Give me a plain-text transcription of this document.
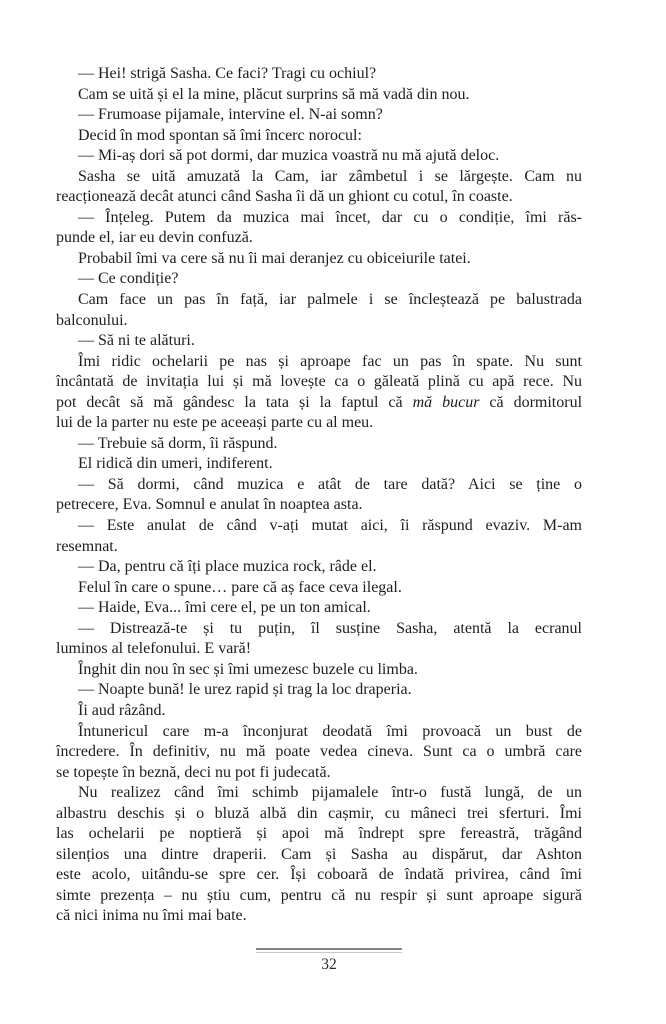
— Hei! strigă Sasha. Ce faci? Tragi cu ochiul?
Cam se uită și el la mine, plăcut surprins să mă vadă din nou.
— Frumoase pijamale, intervine el. N-ai somn?
Decid în mod spontan să îmi încerc norocul:
— Mi-aș dori să pot dormi, dar muzica voastră nu mă ajută deloc.
Sasha se uită amuzată la Cam, iar zâmbetul i se lărgește. Cam nu
reacționează decât atunci când Sasha îi dă un ghiont cu cotul, în coaste.
— Înțeleg. Putem da muzica mai încet, dar cu o condiție, îmi răs-
punde el, iar eu devin confuză.
Probabil îmi va cere să nu îi mai deranjez cu obiceiurile tatei.
— Ce condiție?
Cam face un pas în față, iar palmele i se încleștează pe balustrada
balconului.
— Să ni te alături.
Îmi ridic ochelarii pe nas și aproape fac un pas în spate. Nu sunt
încântată de invitația lui și mă lovește ca o găleată plină cu apă rece. Nu
pot decât să mă gândesc la tata și la faptul că mă bucur că dormitorul
lui de la parter nu este pe aceeași parte cu al meu.
— Trebuie să dorm, îi răspund.
El ridică din umeri, indiferent.
— Să dormi, când muzica e atât de tare dată? Aici se ține o
petrecere, Eva. Somnul e anulat în noaptea asta.
— Este anulat de când v-ați mutat aici, îi răspund evaziv. M-am
resemnat.
— Da, pentru că îți place muzica rock, râde el.
Felul în care o spune… pare că aș face ceva ilegal.
— Haide, Eva... îmi cere el, pe un ton amical.
— Distrează-te și tu puțin, îl susține Sasha, atentă la ecranul
luminos al telefonului. E vară!
Înghit din nou în sec și îmi umezesc buzele cu limba.
— Noapte bună! le urez rapid și trag la loc draperia.
Îi aud râzând.
Întunericul care m-a înconjurat deodată îmi provoacă un bust de
încredere. În definitiv, nu mă poate vedea cineva. Sunt ca o umbră care
se topește în beznă, deci nu pot fi judecată.
Nu realizez când îmi schimb pijamalele într-o fustă lungă, de un
albastru deschis și o bluză albă din cașmir, cu mâneci trei sferturi. Îmi
las ochelarii pe noptieră și apoi mă îndrept spre fereastră, trăgând
silențios una dintre draperii. Cam și Sasha au dispărut, dar Ashton
este acolo, uitându-se spre cer. Își coboară de îndată privirea, când îmi
simte prezența – nu știu cum, pentru că nu respir și sunt aproape sigură
că nici inima nu îmi mai bate.
32
